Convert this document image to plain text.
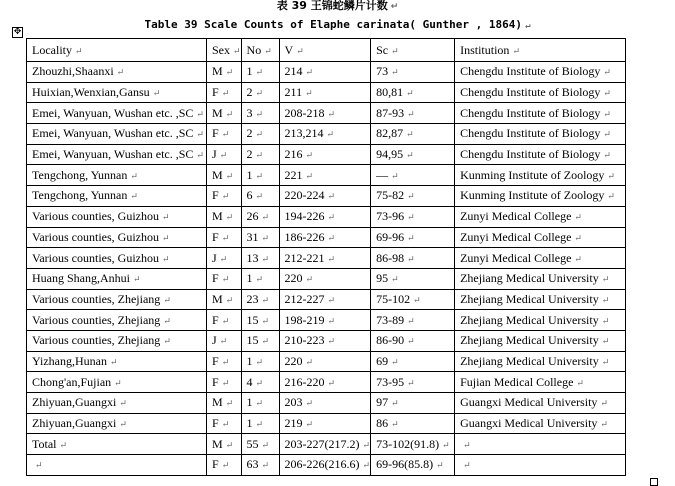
表 39 王锦蛇鳞片计数 ↵
Table 39 Scale Counts of Elaphe carinata( Gunther , 1864) ↵
✥
Locality ↵	Sex ↵	No ↵	V ↵	Sc ↵	Institution ↵
Zhouzhi,Shaanxi ↵	M ↵	1 ↵	214 ↵	73 ↵	Chengdu Institute of Biology ↵
Huixian,Wenxian,Gansu ↵	F ↵	2 ↵	211 ↵	80,81 ↵	Chengdu Institute of Biology ↵
Emei, Wanyuan, Wushan etc. ,SC ↵	M ↵	3 ↵	208-218 ↵	87-93 ↵	Chengdu Institute of Biology ↵
Emei, Wanyuan, Wushan etc. ,SC ↵	F ↵	2 ↵	213,214 ↵	82,87 ↵	Chengdu Institute of Biology ↵
Emei, Wanyuan, Wushan etc. ,SC ↵	J ↵	2 ↵	216 ↵	94,95 ↵	Chengdu Institute of Biology ↵
Tengchong, Yunnan ↵	M ↵	1 ↵	221 ↵	— ↵	Kunming Institute of Zoology ↵
Tengchong, Yunnan ↵	F ↵	6 ↵	220-224 ↵	75-82 ↵	Kunming Institute of Zoology ↵
Various counties, Guizhou ↵	M ↵	26 ↵	194-226 ↵	73-96 ↵	Zunyi Medical College ↵
Various counties, Guizhou ↵	F ↵	31 ↵	186-226 ↵	69-96 ↵	Zunyi Medical College ↵
Various counties, Guizhou ↵	J ↵	13 ↵	212-221 ↵	86-98 ↵	Zunyi Medical College ↵
Huang Shang,Anhui ↵	F ↵	1 ↵	220 ↵	95 ↵	Zhejiang Medical University ↵
Various counties, Zhejiang ↵	M ↵	23 ↵	212-227 ↵	75-102 ↵	Zhejiang Medical University ↵
Various counties, Zhejiang ↵	F ↵	15 ↵	198-219 ↵	73-89 ↵	Zhejiang Medical University ↵
Various counties, Zhejiang ↵	J ↵	15 ↵	210-223 ↵	86-90 ↵	Zhejiang Medical University ↵
Yizhang,Hunan ↵	F ↵	1 ↵	220 ↵	69 ↵	Zhejiang Medical University ↵
Chong'an,Fujian ↵	F ↵	4 ↵	216-220 ↵	73-95 ↵	Fujian Medical College ↵
Zhiyuan,Guangxi ↵	M ↵	1 ↵	203 ↵	97 ↵	Guangxi Medical University ↵
Zhiyuan,Guangxi ↵	F ↵	1 ↵	219 ↵	86 ↵	Guangxi Medical University ↵
Total ↵	M ↵	55 ↵	203-227(217.2) ↵	73-102(91.8) ↵	↵
↵	F ↵	63 ↵	206-226(216.6) ↵	69-96(85.8) ↵	↵
